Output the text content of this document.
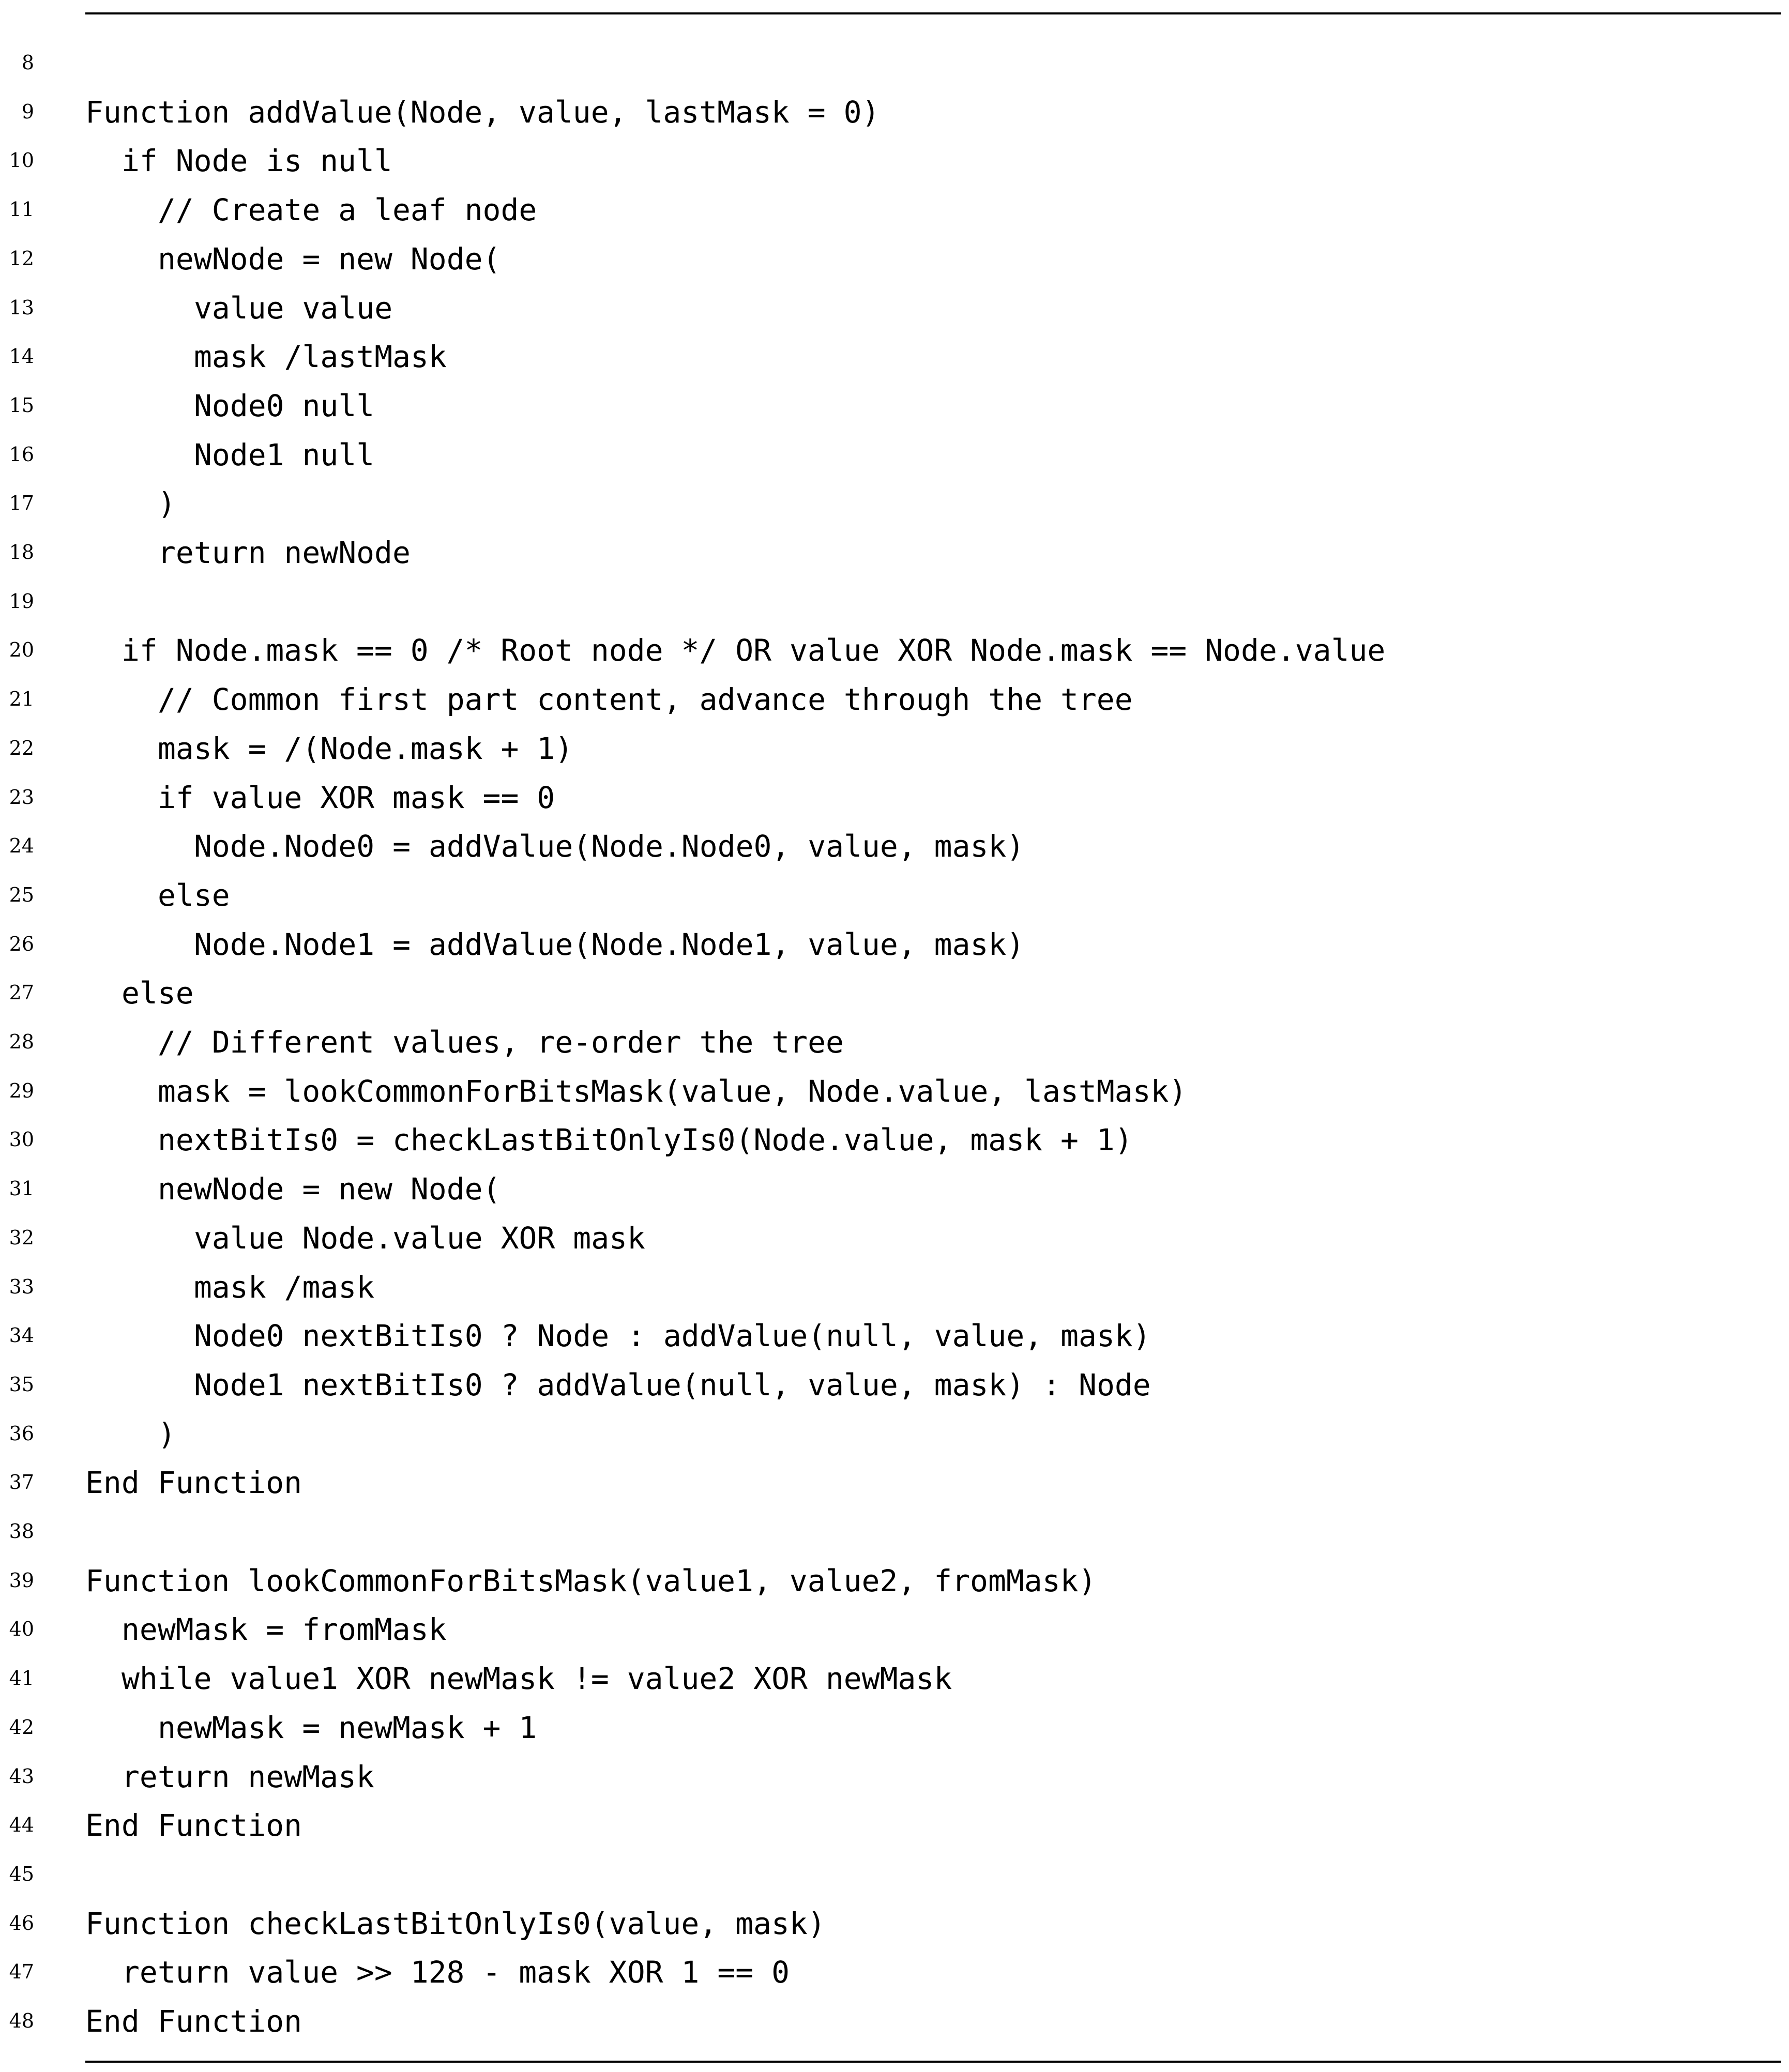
8
9 Function addValue(Node, value, lastMask = 0)
10	if Node is null
11	// Create a leaf node
12	newNode = new Node(
13	value value
14	mask /lastMask
15	Node0 null
16	Node1 null
17	)
18	return newNode
19
20	if Node.mask == 0 /* Root node */ OR value XOR Node.mask == Node.value
21	// Common first part content, advance through the tree
22	mask = /(Node.mask + 1)
23	if value XOR mask == 0
24	Node.Node0 = addValue(Node.Node0, value, mask)
25	else
26	Node.Node1 = addValue(Node.Node1, value, mask)
27	else
28	// Different values, re-order the tree
29	mask = lookCommonForBitsMask(value, Node.value, lastMask)
30	nextBitIs0 = checkLastBitOnlyIs0(Node.value, mask + 1)
31	newNode = new Node(
32	value Node.value XOR mask
33	mask /mask
34	Node0 nextBitIs0 ? Node : addValue(null, value, mask)
35	Node1 nextBitIs0 ? addValue(null, value, mask) : Node
36	)
37 End Function
38
39 Function lookCommonForBitsMask(value1, value2, fromMask)
40	newMask = fromMask
41	while value1 XOR newMask != value2 XOR newMask
42	newMask = newMask + 1
43	return newMask
44 End Function
45
46 Function checkLastBitOnlyIs0(value, mask)
47	return value >> 128 - mask XOR 1 == 0
48 End Function
